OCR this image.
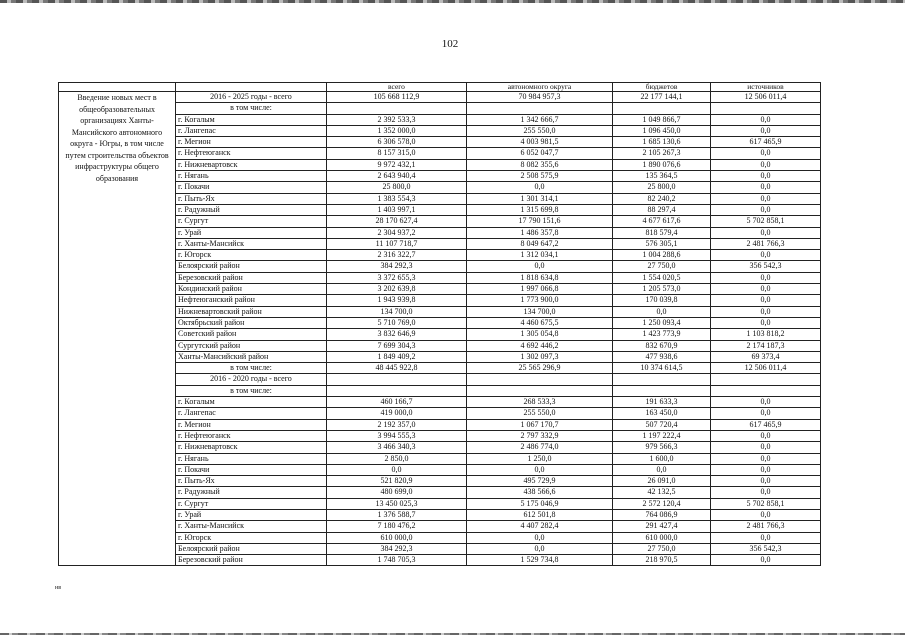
102
		всего	автономного округа	бюджетов	источников
Введение новых мест в общеобразовательных организациях Ханты-Мансийского автономного округа - Югры, в том числе путем строительства объектов инфраструктуры общего образования	2016 - 2025 годы - всего	105 668 112,9	70 984 957,3	22 177 144,1	12 506 011,4
	в том числе:				
	г. Когалым	2 392 533,3	1 342 666,7	1 049 866,7	0,0
	г. Лангепас	1 352 000,0	255 550,0	1 096 450,0	0,0
	г. Мегион	6 306 578,0	4 003 981,5	1 685 130,6	617 465,9
	г. Нефтеюганск	8 157 315,0	6 052 047,7	2 105 267,3	0,0
	г. Нижневартовск	9 972 432,1	8 082 355,6	1 890 076,6	0,0
	г. Нягань	2 643 940,4	2 508 575,9	135 364,5	0,0
	г. Покачи	25 800,0	0,0	25 800,0	0,0
	г. Пыть-Ях	1 383 554,3	1 301 314,1	82 240,2	0,0
	г. Радужный	1 403 997,1	1 315 699,8	88 297,4	0,0
	г. Сургут	28 170 627,4	17 790 151,6	4 677 617,6	5 702 858,1
	г. Урай	2 304 937,2	1 486 357,8	818 579,4	0,0
	г. Ханты-Мансийск	11 107 718,7	8 049 647,2	576 305,1	2 481 766,3
	г. Югорск	2 316 322,7	1 312 034,1	1 004 288,6	0,0
	Белоярский район	384 292,3	0,0	27 750,0	356 542,3
	Березовский район	3 372 655,3	1 818 634,8	1 554 020,5	0,0
	Кондинский район	3 202 639,8	1 997 066,8	1 205 573,0	0,0
	Нефтеюганский район	1 943 939,8	1 773 900,0	170 039,8	0,0
	Нижневартовский район	134 700,0	134 700,0	0,0	0,0
	Октябрьский район	5 710 769,0	4 460 675,5	1 250 093,4	0,0
	Советский район	3 832 646,9	1 305 054,8	1 423 773,9	1 103 818,2
	Сургутский район	7 699 304,3	4 692 446,2	832 670,9	2 174 187,3
	Ханты-Мансийский район	1 849 409,2	1 302 097,3	477 938,6	69 373,4
	в том числе:	48 445 922,8	25 565 296,9	10 374 614,5	12 506 011,4
	2016 - 2020 годы - всего				
	в том числе:				
	г. Когалым	460 166,7	268 533,3	191 633,3	0,0
	г. Лангепас	419 000,0	255 550,0	163 450,0	0,0
	г. Мегион	2 192 357,0	1 067 170,7	507 720,4	617 465,9
	г. Нефтеюганск	3 994 555,3	2 797 332,9	1 197 222,4	0,0
	г. Нижневартовск	3 466 340,3	2 486 774,0	979 566,3	0,0
	г. Нягань	2 850,0	1 250,0	1 600,0	0,0
	г. Покачи	0,0	0,0	0,0	0,0
	г. Пыть-Ях	521 820,9	495 729,9	26 091,0	0,0
	г. Радужный	480 699,0	438 566,6	42 132,5	0,0
	г. Сургут	13 450 025,3	5 175 046,9	2 572 120,4	5 702 858,1
	г. Урай	1 376 588,7	612 501,8	764 086,9	0,0
	г. Ханты-Мансийск	7 180 476,2	4 407 282,4	291 427,4	2 481 766,3
	г. Югорск	610 000,0	0,0	610 000,0	0,0
	Белоярский район	384 292,3	0,0	27 750,0	356 542,3
	Березовский район	1 748 705,3	1 529 734,8	218 970,5	0,0
нв
